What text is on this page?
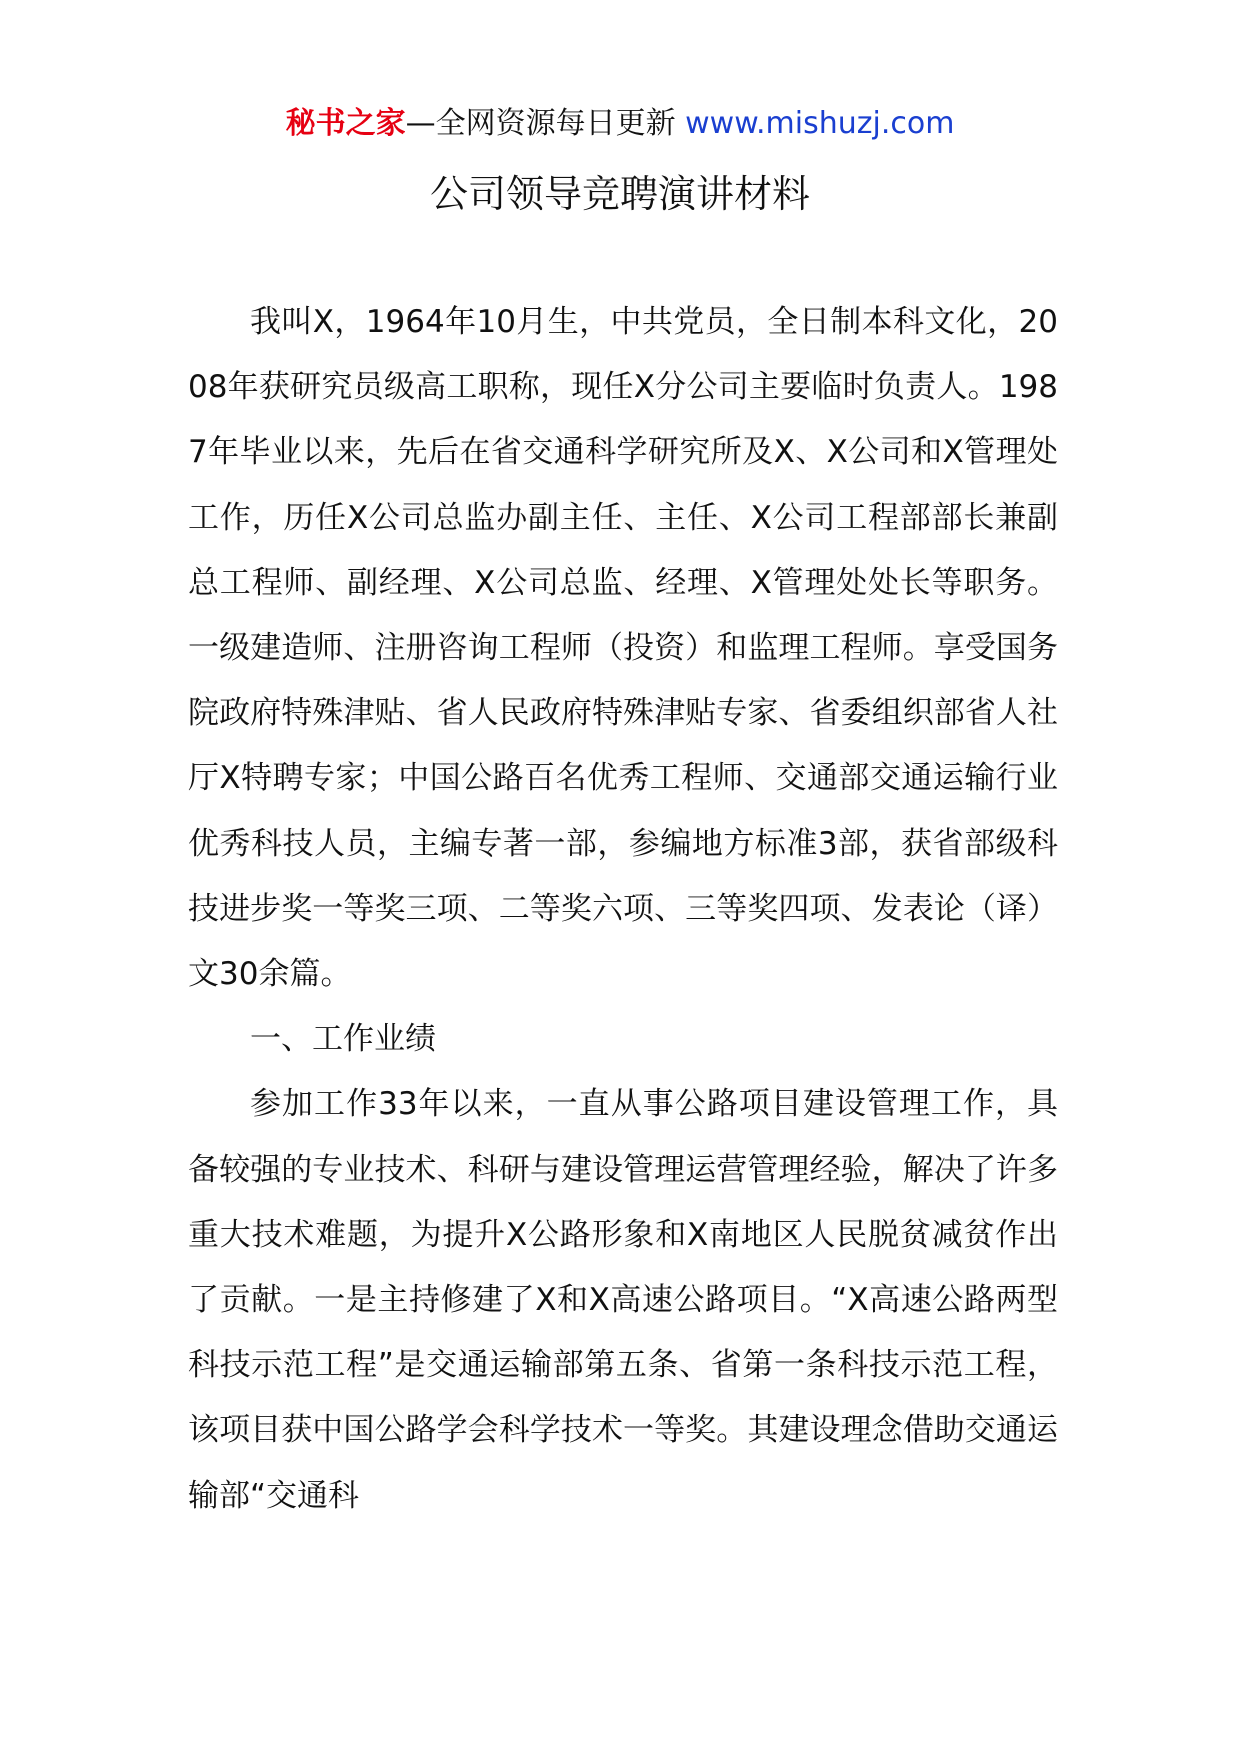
秘书之家—全网资源每日更新 www.mishuzj.com
公司领导竞聘演讲材料

我叫X，1964年10月生，中共党员，全日制本科文化，2008年获研究员级高工职称，现任X分公司主要临时负责人。1987年毕业以来，先后在省交通科学研究所及X、X公司和X管理处工作，历任X公司总监办副主任、主任、X公司工程部部长兼副总工程师、副经理、X公司总监、经理、X管理处处长等职务。一级建造师、注册咨询工程师（投资）和监理工程师。享受国务院政府特殊津贴、省人民政府特殊津贴专家、省委组织部省人社厅X特聘专家；中国公路百名优秀工程师、交通部交通运输行业优秀科技人员，主编专著一部，参编地方标准3部，获省部级科技进步奖一等奖三项、二等奖六项、三等奖四项、发表论（译）文30余篇。

一、工作业绩

参加工作33年以来，一直从事公路项目建设管理工作，具备较强的专业技术、科研与建设管理运营管理经验，解决了许多重大技术难题，为提升X公路形象和X南地区人民脱贫减贫作出了贡献。一是主持修建了X和X高速公路项目。“X高速公路两型科技示范工程”是交通运输部第五条、省第一条科技示范工程，该项目获中国公路学会科学技术一等奖。其建设理念借助交通运输部“交通科
